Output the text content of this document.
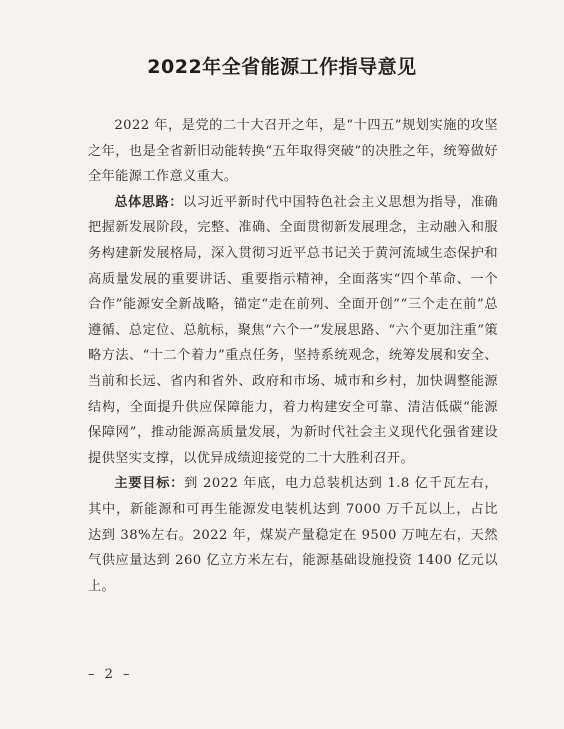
2022年全省能源工作指导意见

2022 年，是党的二十大召开之年，是“十四五”规划实施的攻坚之年，也是全省新旧动能转换“五年取得突破”的决胜之年，统筹做好全年能源工作意义重大。

总体思路：以习近平新时代中国特色社会主义思想为指导，准确把握新发展阶段，完整、准确、全面贯彻新发展理念，主动融入和服务构建新发展格局，深入贯彻习近平总书记关于黄河流域生态保护和高质量发展的重要讲话、重要指示精神，全面落实“四个革命、一个合作”能源安全新战略，锚定“走在前列、全面开创”“三个走在前”总遵循、总定位、总航标，聚焦“六个一”发展思路、“六个更加注重”策略方法、“十二个着力”重点任务，坚持系统观念，统筹发展和安全、当前和长远、省内和省外、政府和市场、城市和乡村，加快调整能源结构，全面提升供应保障能力，着力构建安全可靠、清洁低碳“能源保障网”，推动能源高质量发展，为新时代社会主义现代化强省建设提供坚实支撑，以优异成绩迎接党的二十大胜利召开。

主要目标：到 2022 年底，电力总装机达到 1.8 亿千瓦左右，其中，新能源和可再生能源发电装机达到 7000 万千瓦以上，占比达到 38%左右。2022 年，煤炭产量稳定在 9500 万吨左右，天然气供应量达到 260 亿立方米左右，能源基础设施投资 1400 亿元以上。

– 2 –
